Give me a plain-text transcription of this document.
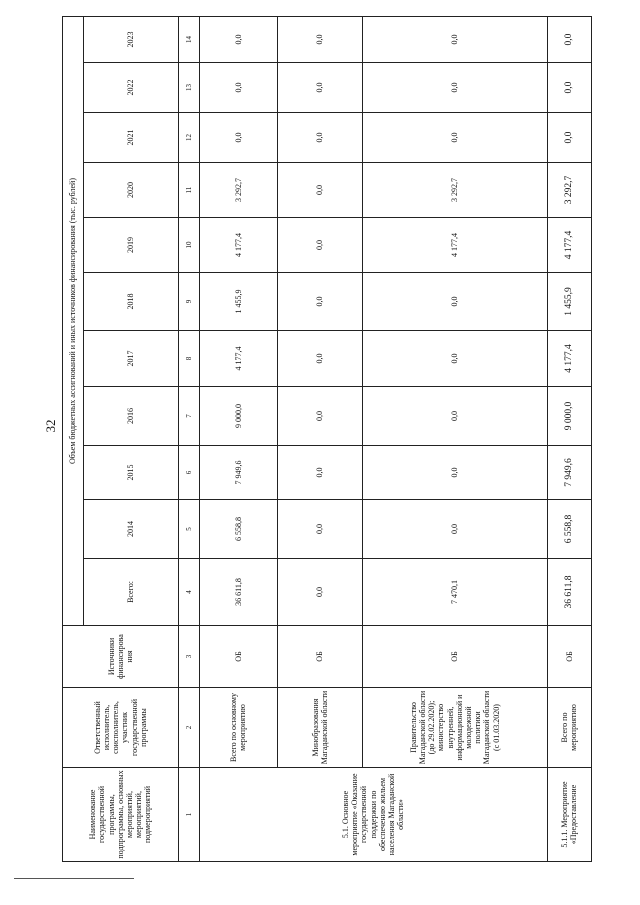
32
Наименование государственной программы, подпрограммы, основных мероприятий, мероприятий, подмероприятий	Ответственный исполнитель, соисполнитель, участник государственной программы	Источники финансирова ния	Объем бюджетных ассигнований и иных источников финансирования (тыс. рублей)										
			Всего:	2014	2015	2016	2017	2018	2019	2020	2021	2022	2023
1	2	3	4	5	6	7	8	9	10	11	12	13	14
5.1. Основное мероприятие «Оказание государственной поддержки по обеспечению жильем населения Магаданской области»	Всего по основному мероприятию	ОБ	36 611,8	6 558,8	7 949,6	9 000,0	4 177,4	1 455,9	4 177,4	3 292,7	0,0	0,0	0,0
	Минобразования Магаданской области	ОБ	0,0	0,0	0,0	0,0	0,0	0,0	0,0	0,0	0,0	0,0	0,0
	Правительство Магаданской области (до 29.02.2020); министерство внутренней, информационной и молодежной политики Магаданской области (с 01.03.2020)	ОБ	7 470,1	0,0	0,0	0,0	0,0	0,0	4 177,4	3 292,7	0,0	0,0	0,0
5.1.1. Мероприятие «Предоставление	Всего по мероприятию	ОБ	36 611,8	6 558,8	7 949,6	9 000,0	4 177,4	1 455,9	4 177,4	3 292,7	0,0	0,0	0,0
